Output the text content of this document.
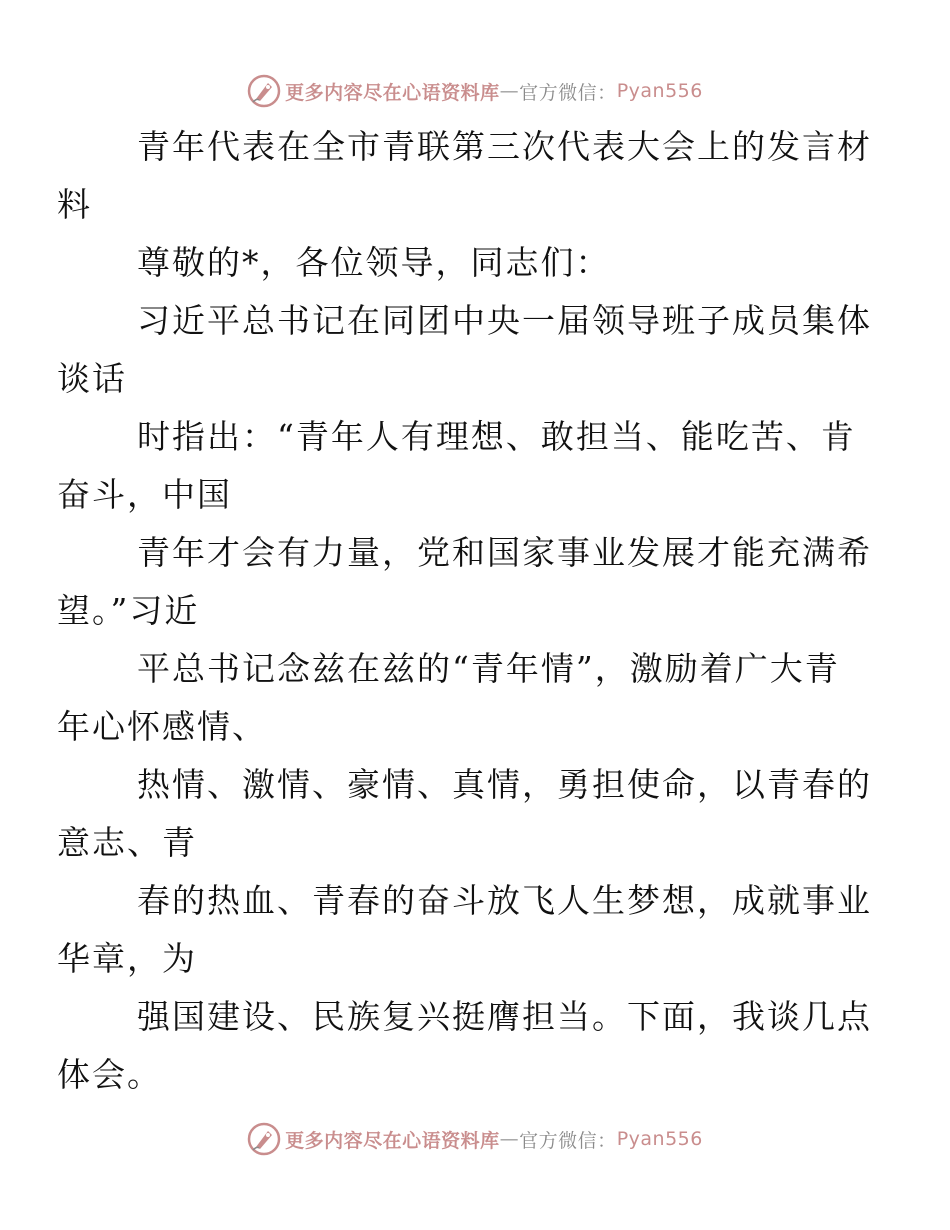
更多内容尽在心语资料库 — 官方微信： Pyan556

青年代表在全市青联第三次代表大会上的发言材
料

尊敬的*，各位领导，同志们：

习近平总书记在同团中央一届领导班子成员集体
谈话

时指出：“青年人有理想、敢担当、能吃苦、肯
奋斗，中国

青年才会有力量，党和国家事业发展才能充满希
望。”习近

平总书记念兹在兹的“青年情”，激励着广大青
年心怀感情、

热情、激情、豪情、真情，勇担使命，以青春的
意志、青

春的热血、青春的奋斗放飞人生梦想，成就事业
华章，为

强国建设、民族复兴挺膺担当。下面，我谈几点
体会。

更多内容尽在心语资料库 — 官方微信： Pyan556
